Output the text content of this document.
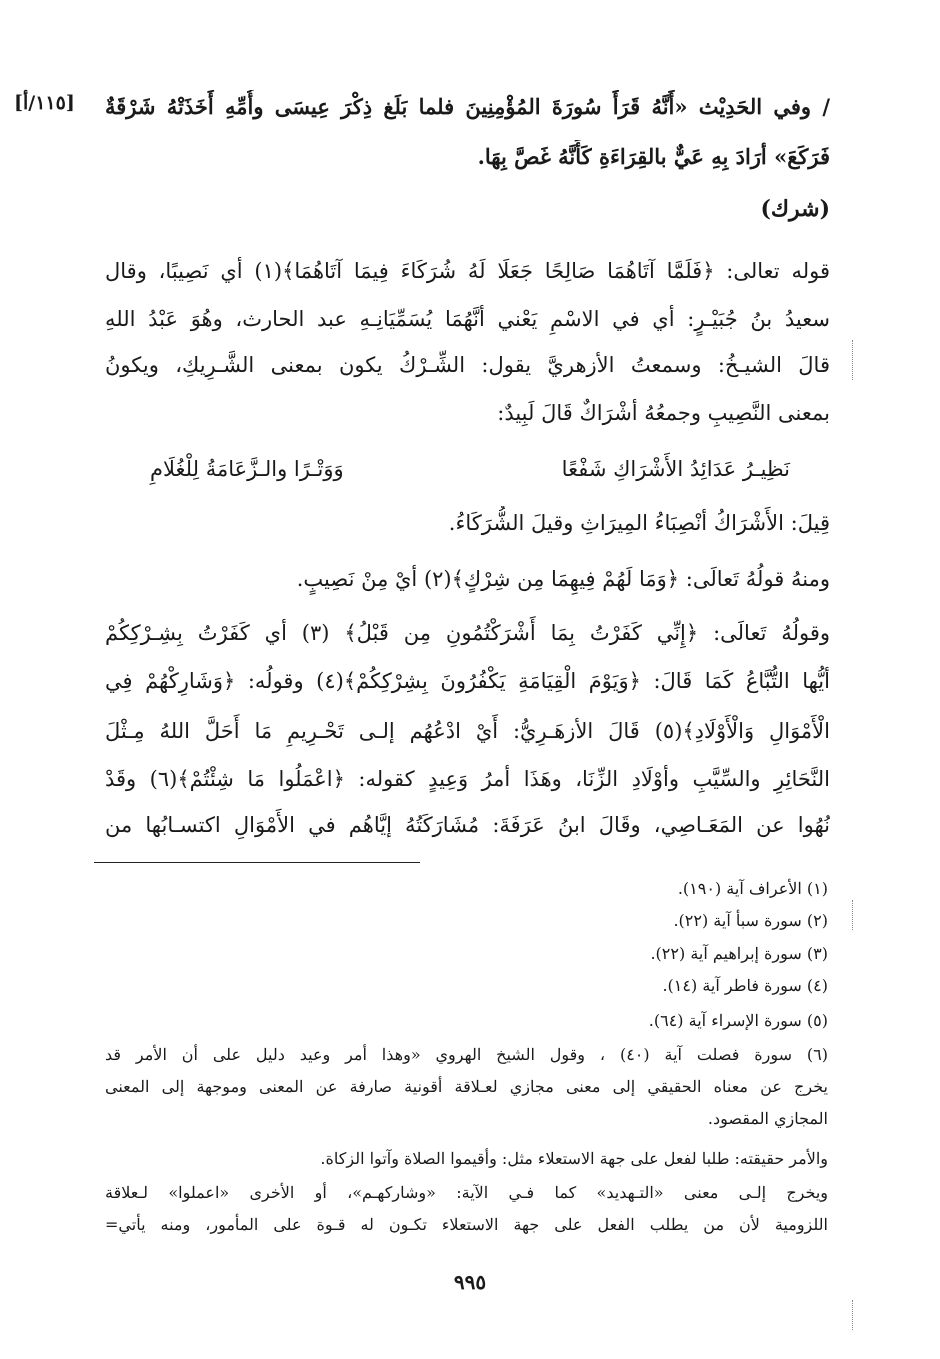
[١١٥/أ] / وفي الحَدِيْث «أَنَّهُ قَرَأَ سُورَةَ المُؤْمِنِينَ فلما بَلَغ ذِكْرَ عِيسَى وأُمِّهِ أَخَذَتْهُ شَرْقَةٌ
فَرَكَعَ» أرَادَ بِهِ عَيٌّ بالقِرَاءَةِ كَأَنَّهُ غَصَّ بِهَا.
(شرك)
قوله تعالى: ﴿فَلَمَّا آتَاهُمَا صَالِحًا جَعَلَا لَهُ شُرَكَاءَ فِيمَا آتَاهُمَا﴾(١) أي نَصِيبًا، وقال
سعيدُ بنُ جُبَيْـرٍ: أي في الاسْمِ يَعْني أنَّهُمَا يُسَمِّيَانِـهِ عبد الحارث، وهُوَ عَبْدُ اللهِ
قالَ الشيـخُ: وسمعتُ الأزهريَّ يقول: الشِّـرْكُ يكون بمعنى الشَّـرِيكِ، ويكونُ
بمعنى النَّصِيبِ وجمعُهُ أشْرَاكٌ قَالَ لَبِيدٌ:
نَظِيـرُ عَدَائِدُ الأَشْرَاكِ شَفْعًا
وَوَتْـرًا والـزَّعَامَةُ لِلْغُلَامِ
قِيلَ: الأَشْرَاكُ أنْصِبَاءُ المِيرَاثِ وقيلَ الشُّرَكَاءُ.
ومنهُ قولُهُ تَعالَى: ﴿وَمَا لَهُمْ فِيهِمَا مِن شِرْكٍ﴾(٢) أيْ مِنْ نَصِيبٍ.
وقولُهُ تَعالَى: ﴿إِنِّي كَفَرْتُ بِمَا أَشْرَكْتُمُونِ مِن قَبْلُ﴾ (٣) أي كَفَرْتُ بِشِـرْكِكُمْ
أيُّها التُّبَّاعُ كَمَا قَالَ: ﴿وَيَوْمَ الْقِيَامَةِ يَكْفُرُونَ بِشِرْكِكُمْ﴾(٤) وقولُه: ﴿وَشَارِكْهُمْ فِي
الْأَمْوَالِ وَالْأَوْلَادِ﴾(٥) قَالَ الأزهَـرِيُّ: أَيْ ادْعُهُم إلـى تَحْـرِيمِ مَا أَحَلَّ اللهُ مِـثْلَ
النَّحَائِرِ والسِّيَّبِ وأوْلَادِ الزِّنَا، وهَذَا أمرُ وَعِيدٍ كقوله: ﴿اعْمَلُوا مَا شِئْتُمْ﴾(٦) وقَدْ
نُهُوا عن المَعَـاصِي، وقَالَ ابنُ عَرَفَةَ: مُشَارَكَتُهُ إيَّاهُم في الأَمْوَالِ اكتسـابُها من
(١) الأعراف آية (١٩٠).
(٢) سورة سبأ آية (٢٢).
(٣) سورة إبراهيم آية (٢٢).
(٤) سورة فاطر آية (١٤).
(٥) سورة الإسراء آية (٦٤).
(٦) سورة فصلت آية (٤٠) ، وقول الشيخ الهروي «وهذا أمر وعيد دليل على أن الأمر قد
يخرج عن معناه الحقيقي إلى معنى مجازي لعـلاقة أقونية صارفة عن المعنى وموجهة إلى المعنى
المجازي المقصود.
والأمر حقيقته: طلبا لفعل على جهة الاستعلاء مثل: وأقيموا الصلاة وآتوا الزكاة.
ويخرج إلـى معنى «التـهديد» كما فـي الآية: «وشاركهـم»، أو الأخرى «اعملوا» لـعلاقة
اللزومية لأن من يطلب الفعل على جهة الاستعلاء تكـون له قـوة على المأمور، ومنه يأتي=
٩٩٥
